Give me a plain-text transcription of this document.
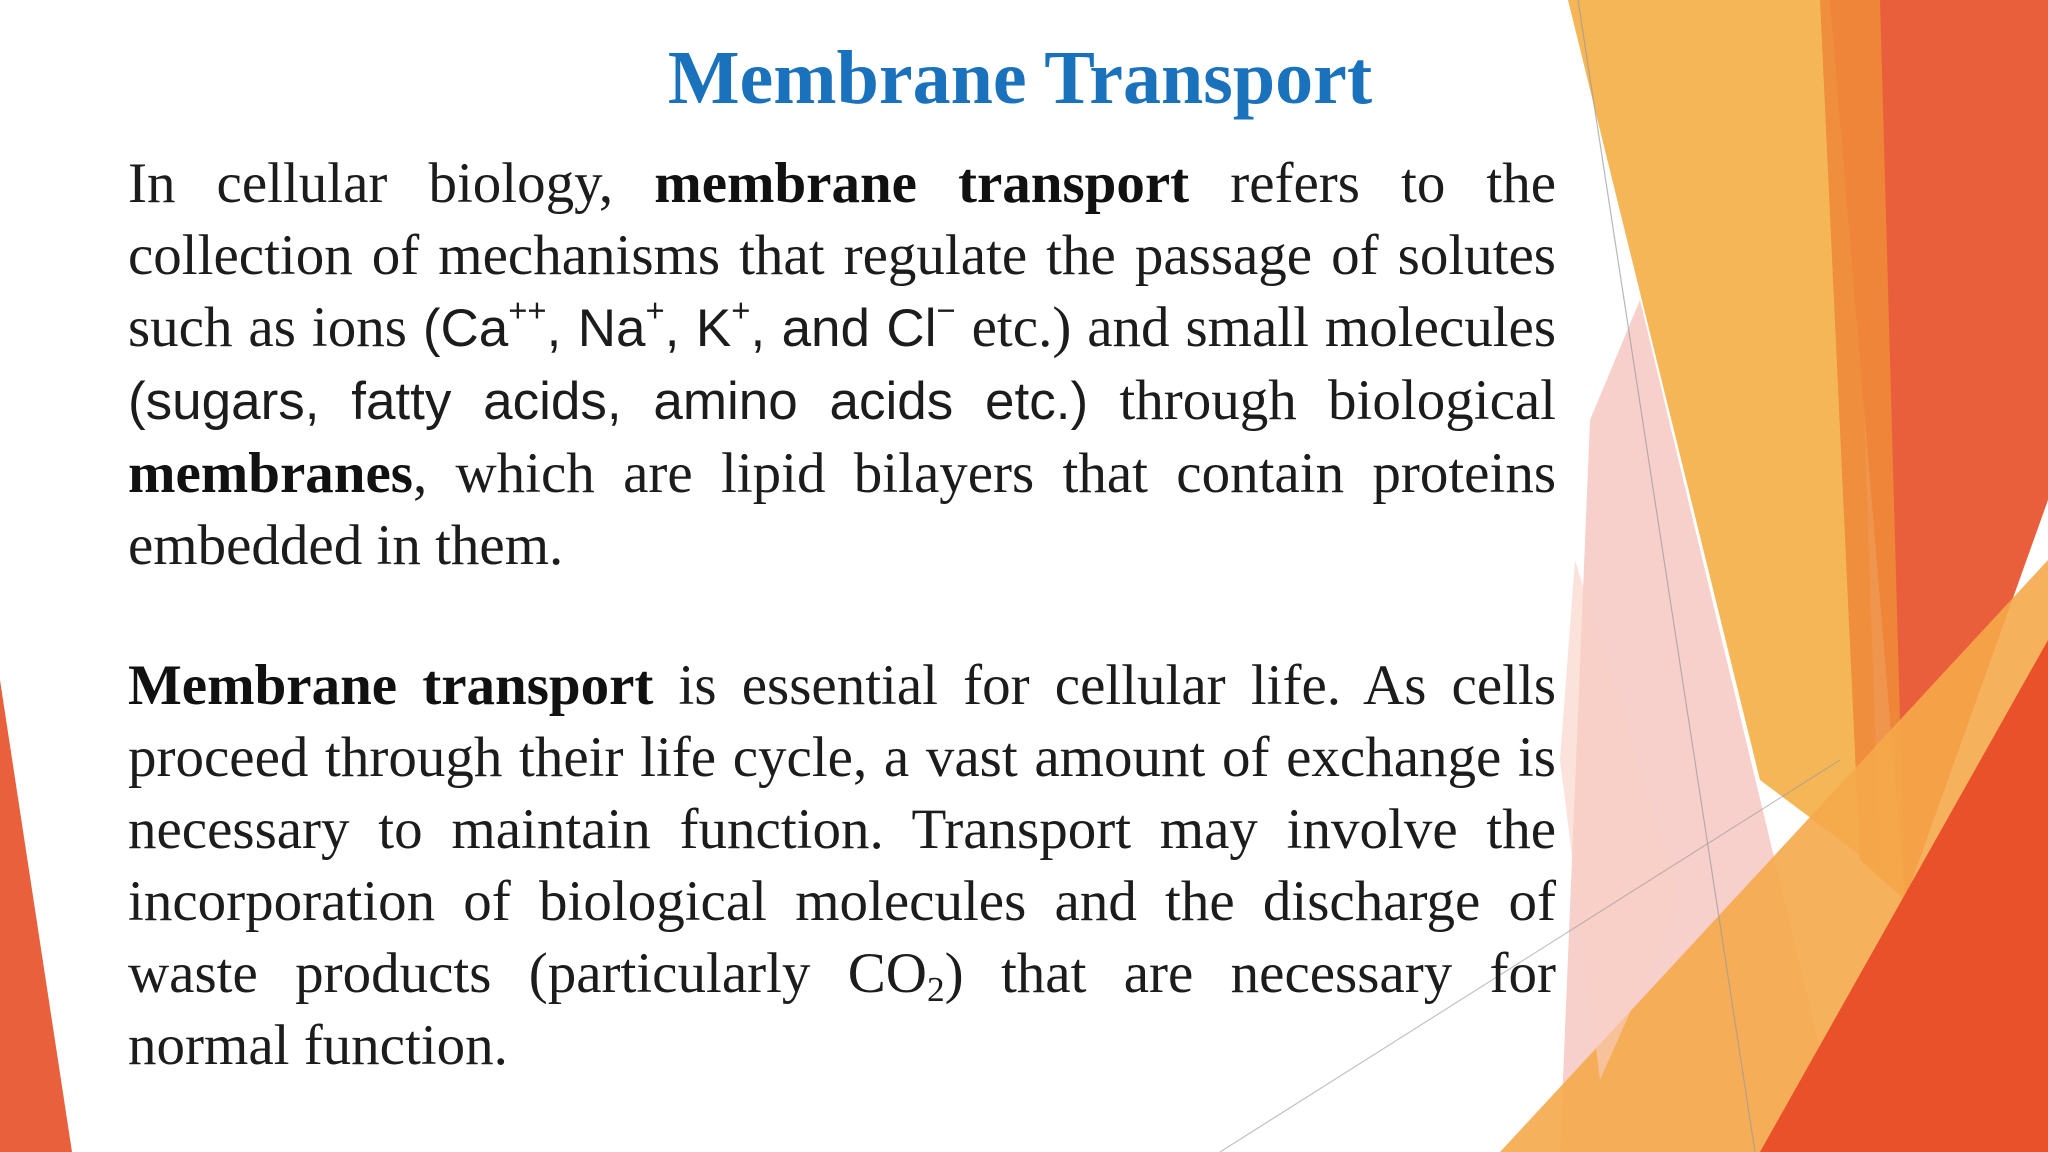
Membrane Transport

In cellular biology, membrane transport refers to the collection of mechanisms that regulate the passage of solutes such as ions (Ca++, Na+, K+, and Cl− etc.) and small molecules (sugars, fatty acids, amino acids etc.) through biological membranes, which are lipid bilayers that contain proteins embedded in them.

Membrane transport is essential for cellular life. As cells proceed through their life cycle, a vast amount of exchange is necessary to maintain function. Transport may involve the incorporation of biological molecules and the discharge of waste products (particularly $CO_2$) that are necessary for normal function.
